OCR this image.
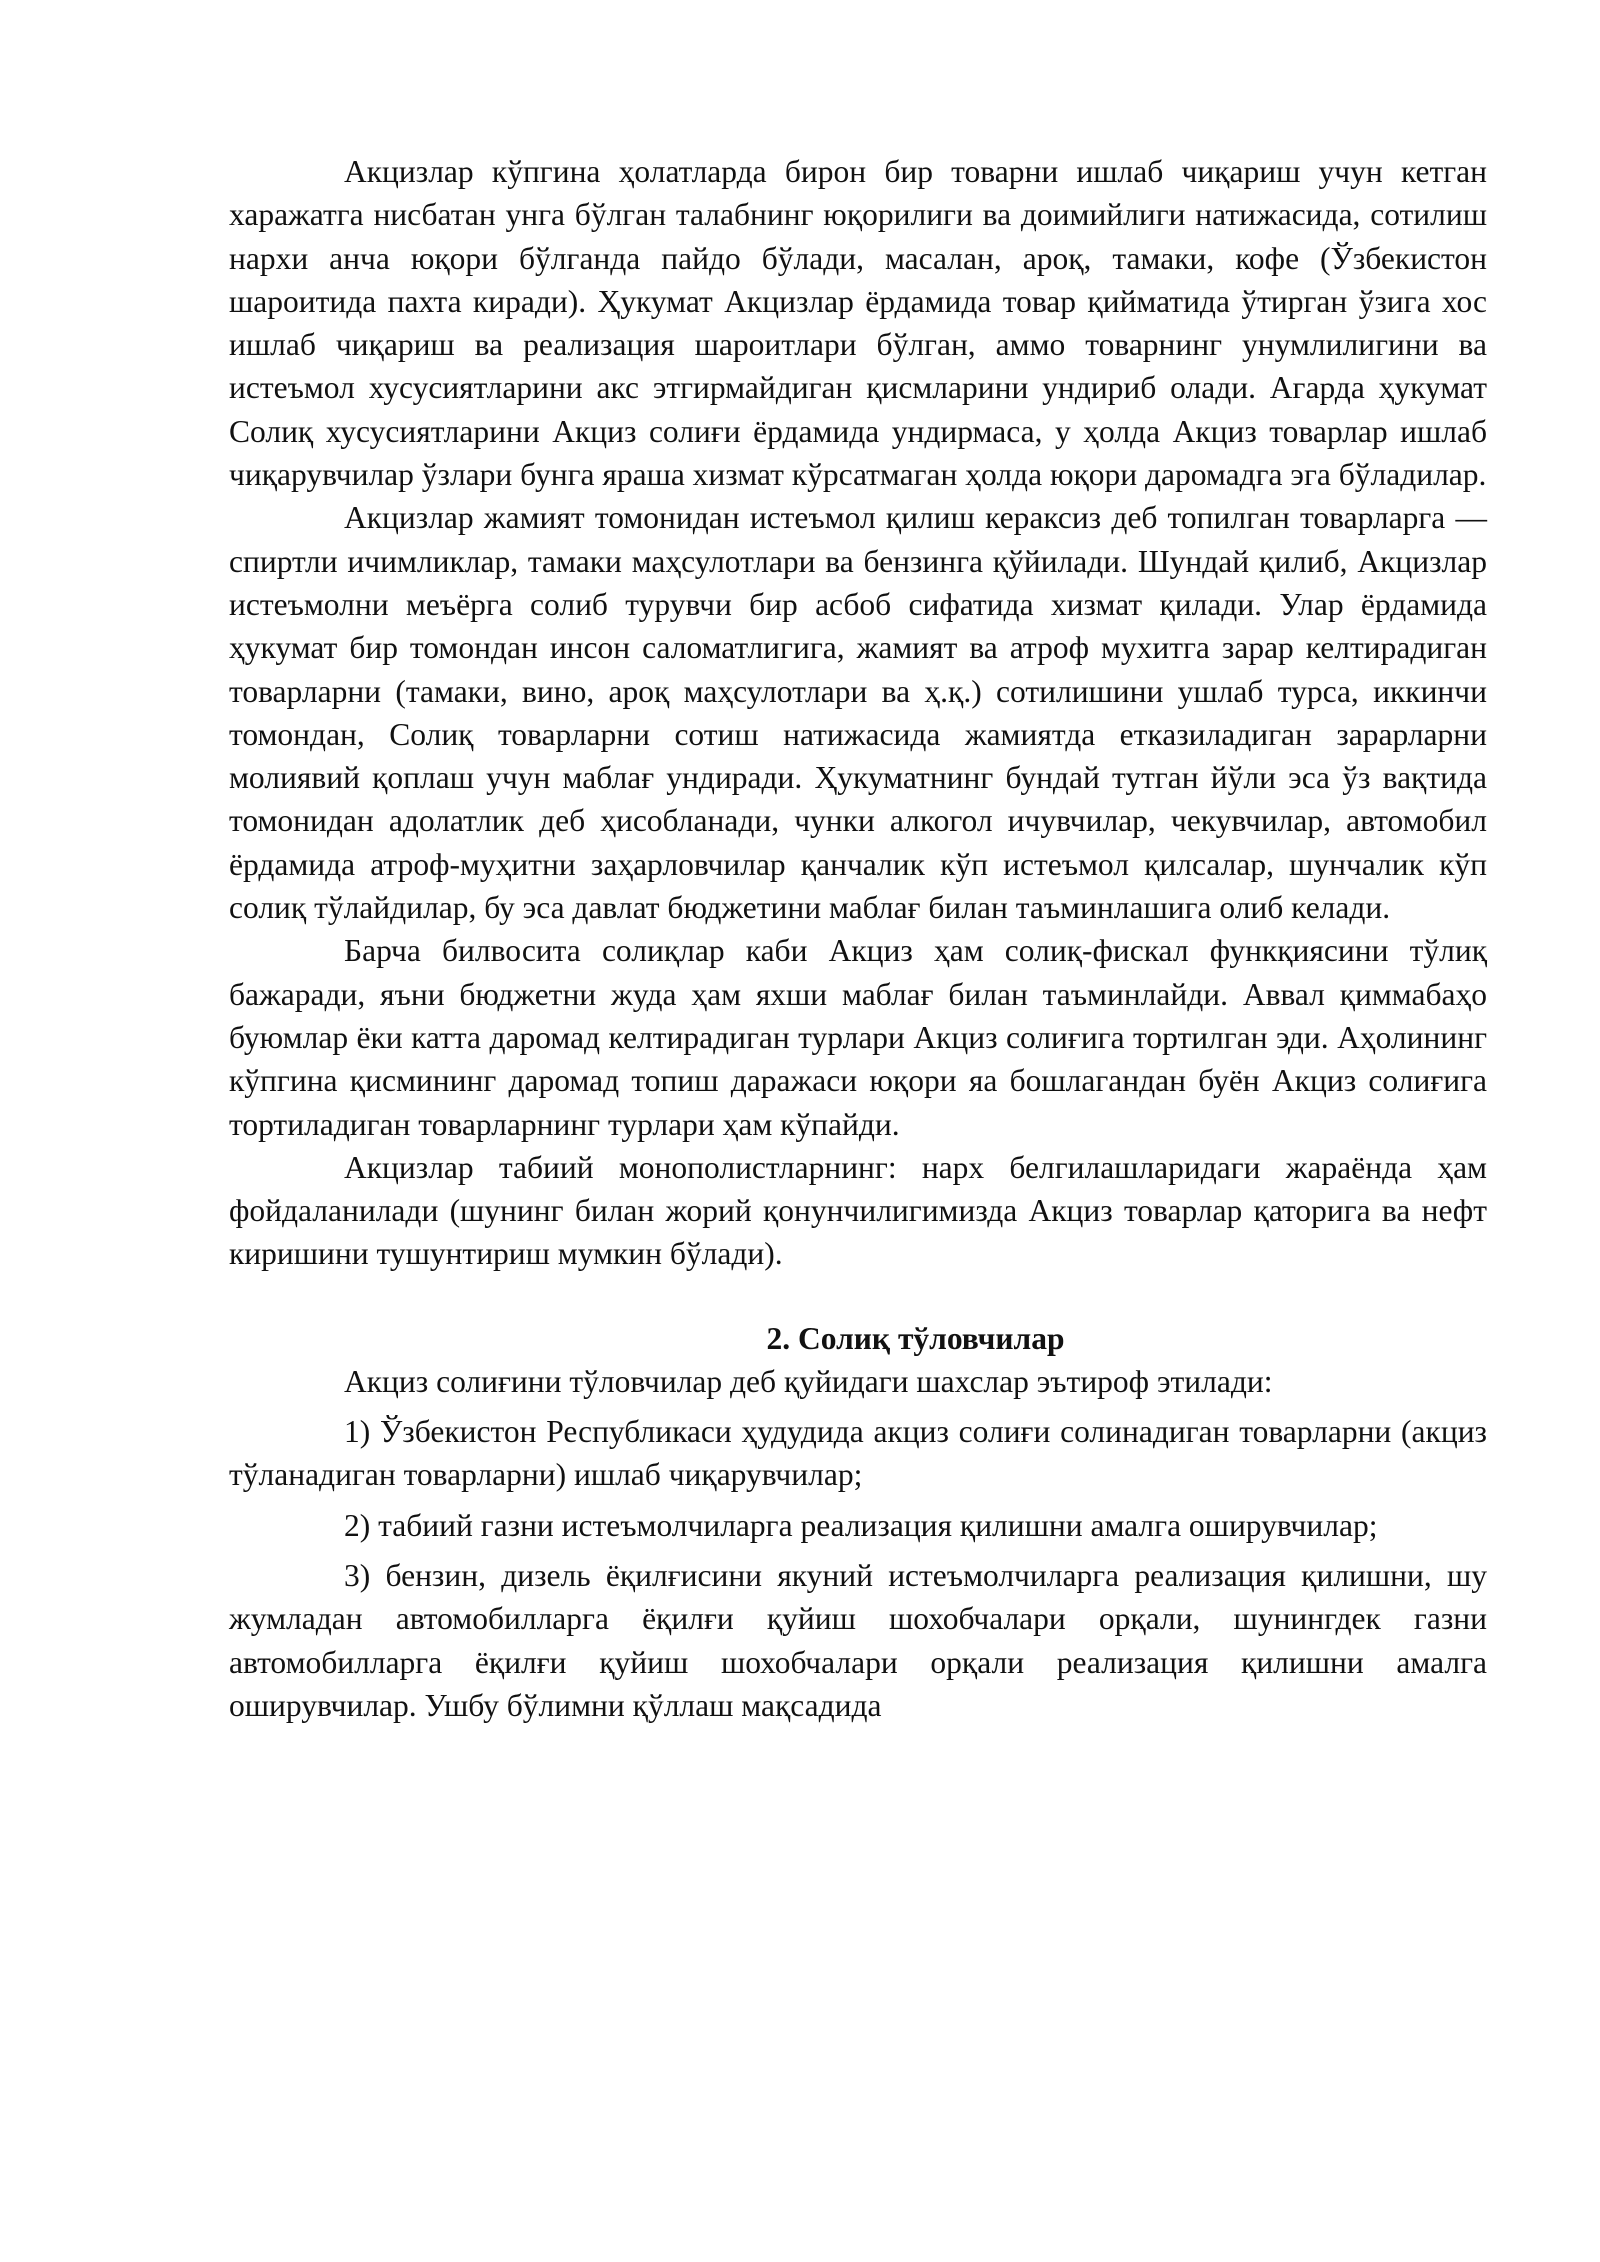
Акцизлар кўпгина ҳолатларда бирон бир товарни ишлаб чиқариш учун кетган харажатга нисбатан унга бўлган талабнинг юқорилиги ва доимийлиги натижасида, сотилиш нархи анча юқори бўлганда пайдо бўлади, масалан, ароқ, тамаки, кофе (Ўзбекистон шароитида пахта киради). Ҳукумат Акцизлар ёрдамида товар қийматида ўтирган ўзига хос ишлаб чиқариш ва реализация шароитлари бўлган, аммо товарнинг унумлилигини ва истеъмол хусусиятларини акс этгирмайдиган қисмларини ундириб олади. Агарда ҳукумат Солиқ хусусиятларини Акциз солиғи ёрдамида ундирмаса, у ҳолда Акциз товарлар ишлаб чиқарувчилар ўзлари бунга яраша хизмат кўрсатмаган ҳолда юқори даромадга эга бўладилар.

Акцизлар жамият томонидан истеъмол қилиш кераксиз деб топилган товарларга — спиртли ичимликлар, тамаки маҳсулотлари ва бензинга қўйилади. Шундай қилиб, Акцизлар истеъмолни меъёрга солиб турувчи бир асбоб сифатида хизмат қилади. Улар ёрдамида ҳукумат бир томондан инсон саломатлигига, жамият ва атроф мухитга зарар келтирадиган товарларни (тамаки, вино, ароқ маҳсулотлари ва ҳ.қ.) сотилишини ушлаб турса, иккинчи томондан, Солиқ товарларни сотиш натижасида жамиятда етказиладиган зарарларни молиявий қоплаш учун маблағ ундиради. Ҳукуматнинг бундай тутган йўли эса ўз вақтида томонидан адолатлик деб ҳисобланади, чунки алкогол ичувчилар, чекувчилар, автомобил ёрдамида атроф-муҳитни заҳарловчилар қанчалик кўп истеъмол қилсалар, шунчалик кўп солиқ тўлайдилар, бу эса давлат бюджетини маблағ билан таъминлашига олиб келади.

Барча билвосита солиқлар каби Акциз ҳам солиқ-фискал функқиясини тўлиқ бажаради, яъни бюджетни жуда ҳам яхши маблағ билан таъминлайди. Аввал қиммабаҳо буюмлар ёки катта даромад келтирадиган турлари Акциз солиғига тортилган эди. Аҳолининг кўпгина қисмининг даромад топиш даражаси юқори яа бошлагандан буён Акциз солиғига тортиладиган товарларнинг турлари ҳам кўпайди.

Акцизлар табиий монополистларнинг: нарх белгилашларидаги жараёнда ҳам фойдаланилади (шунинг билан жорий қонунчилигимизда Акциз товарлар қаторига ва нефт киришини тушунтириш мумкин бўлади).

2. Солиқ тўловчилар

Акциз солиғини тўловчилар деб қуйидаги шахслар эътироф этилади:

1) Ўзбекистон Республикаси ҳудудида акциз солиғи солинадиган товарларни (акциз тўланадиган товарларни) ишлаб чиқарувчилар;

2) табиий газни истеъмолчиларга реализация қилишни амалга оширувчилар;

3) бензин, дизель ёқилғисини якуний истеъмолчиларга реализация қилишни, шу жумладан автомобилларга ёқилғи қуйиш шохобчалари орқали, шунингдек газни автомобилларга ёқилғи қуйиш шохобчалари орқали реализация қилишни амалга оширувчилар. Ушбу бўлимни қўллаш мақсадида
